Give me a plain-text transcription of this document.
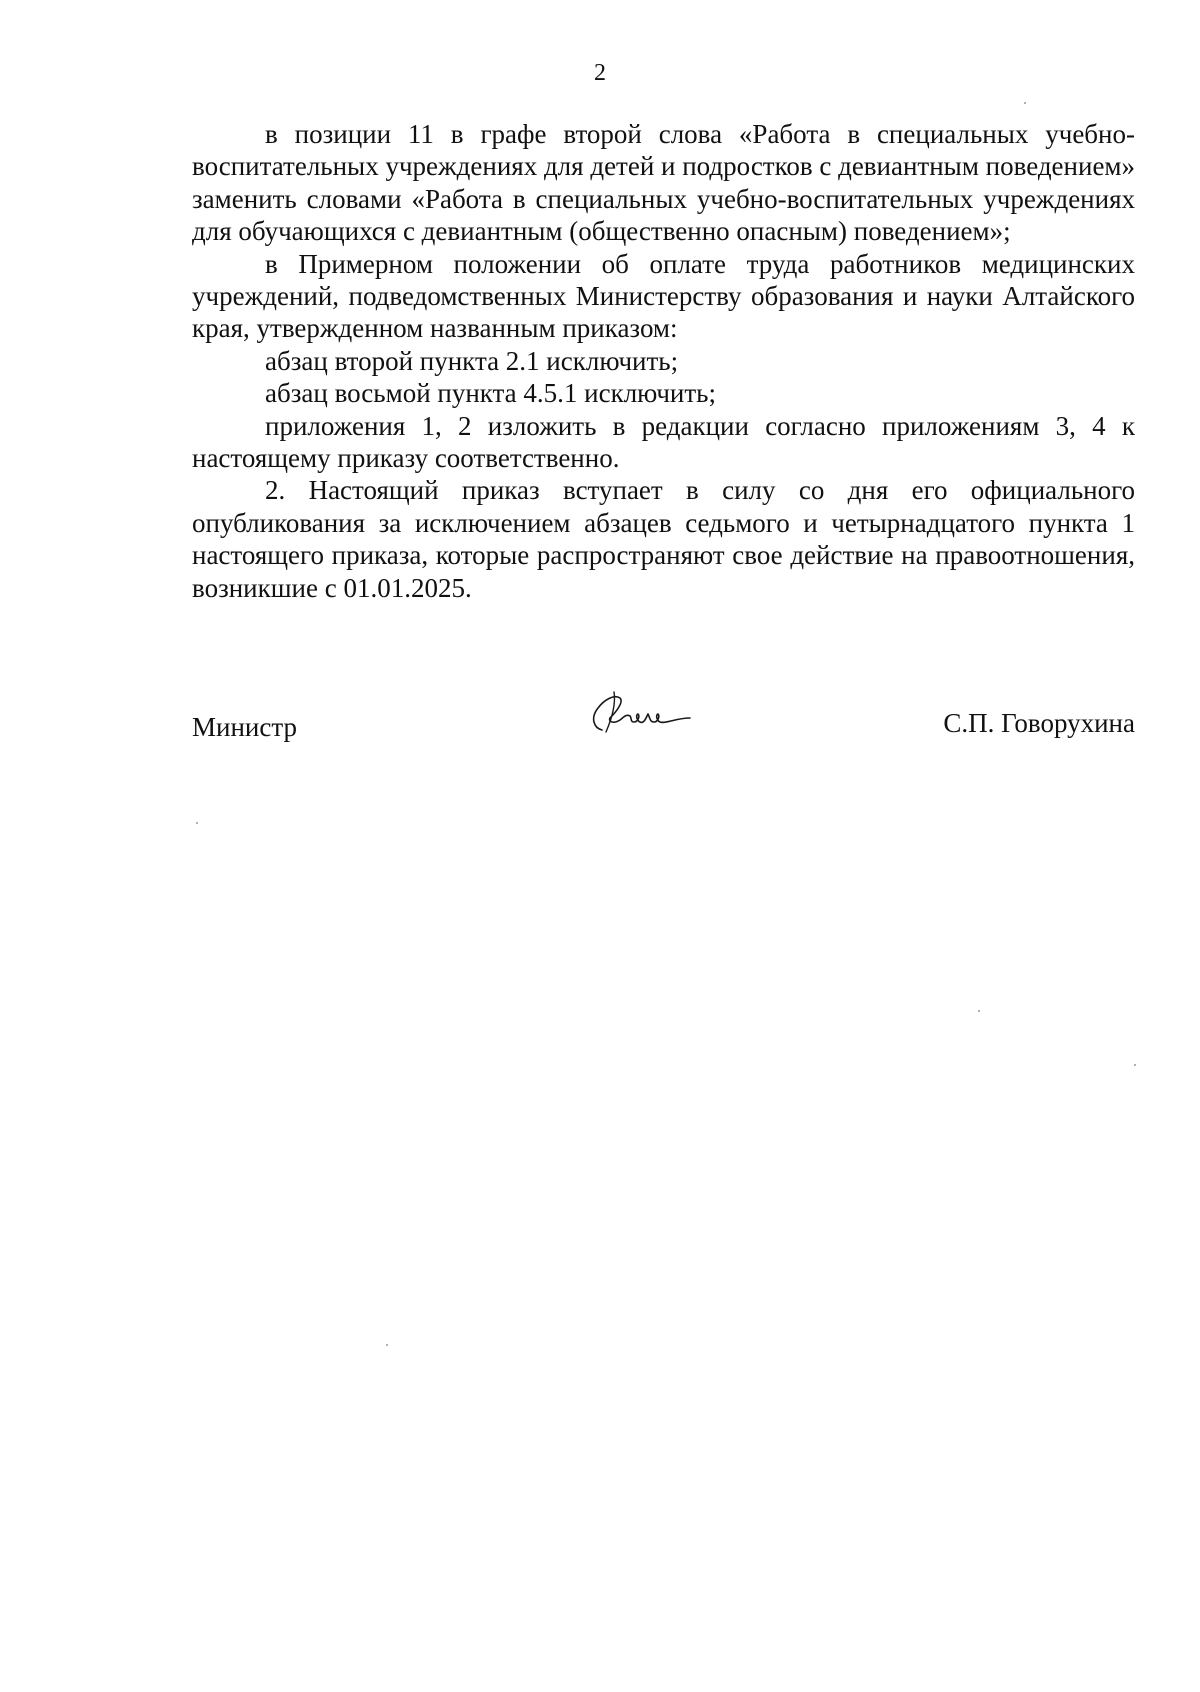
2

в позиции 11 в графе второй слова «Работа в специальных учебно-воспитательных учреждениях для детей и подростков с девиантным поведением» заменить словами «Работа в специальных учебно-воспитательных учреждениях для обучающихся с девиантным (общественно опасным) поведением»;

в Примерном положении об оплате труда работников медицинских учреждений, подведомственных Министерству образования и науки Алтайского края, утвержденном названным приказом:

абзац второй пункта 2.1 исключить;

абзац восьмой пункта 4.5.1 исключить;

приложения 1, 2 изложить в редакции согласно приложениям 3, 4 к настоящему приказу соответственно.

2. Настоящий приказ вступает в силу со дня его официального опубликования за исключением абзацев седьмого и четырнадцатого пункта 1 настоящего приказа, которые распространяют свое действие на правоотношения, возникшие с 01.01.2025.

Министр	С.П. Говорухина
